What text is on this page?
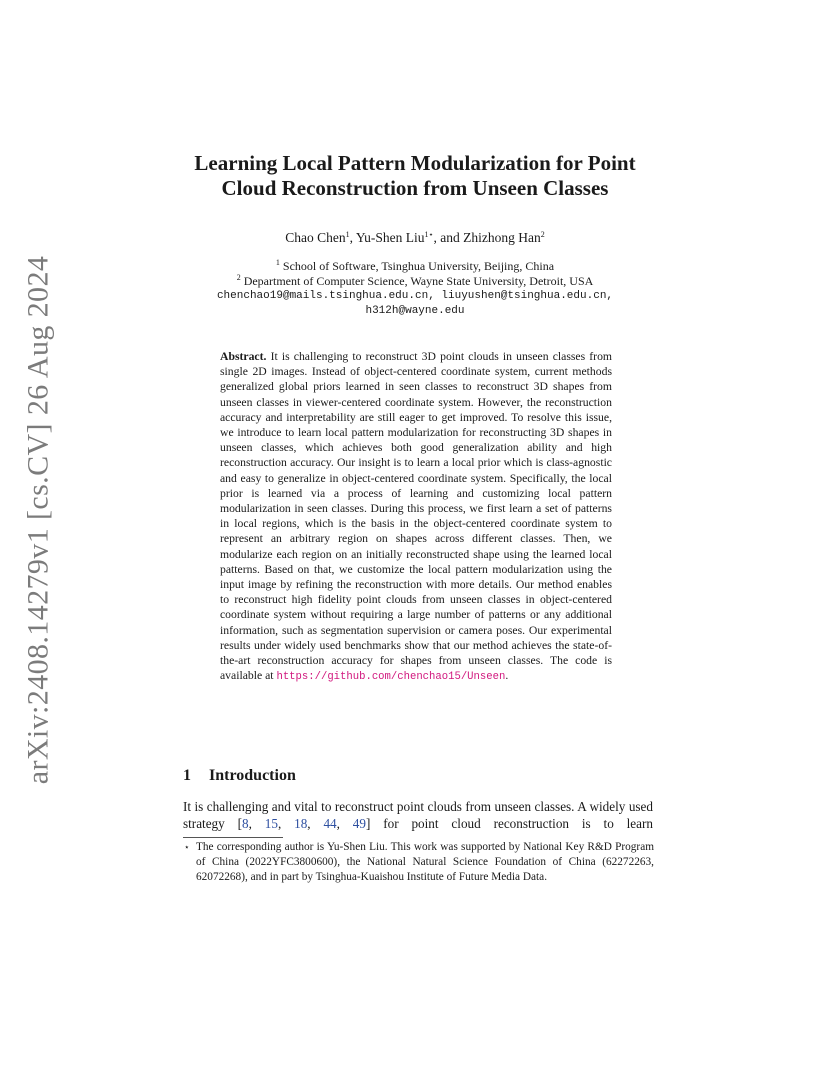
arXiv:2408.14279v1 [cs.CV] 26 Aug 2024
Learning Local Pattern Modularization for Point
Cloud Reconstruction from Unseen Classes
Chao Chen$^1$, Yu-Shen Liu$^{1⋆}$, and Zhizhong Han$^2$
$^1$ School of Software, Tsinghua University, Beijing, China
$^2$ Department of Computer Science, Wayne State University, Detroit, USA
chenchao19@mails.tsinghua.edu.cn, liuyushen@tsinghua.edu.cn,
h312h@wayne.edu
Abstract. It is challenging to reconstruct 3D point clouds in unseen classes from single 2D images. Instead of object-centered coordinate system, current methods generalized global priors learned in seen classes to reconstruct 3D shapes from unseen classes in viewer-centered coordinate system. However, the reconstruction accuracy and interpretability are still eager to get improved. To resolve this issue, we introduce to learn local pattern modularization for reconstructing 3D shapes in unseen classes, which achieves both good generalization ability and high reconstruction accuracy. Our insight is to learn a local prior which is class-agnostic and easy to generalize in object-centered coordinate system. Specifically, the local prior is learned via a process of learning and customizing local pattern modularization in seen classes. During this process, we first learn a set of patterns in local regions, which is the basis in the object-centered coordinate system to represent an arbitrary region on shapes across different classes. Then, we modularize each region on an initially reconstructed shape using the learned local patterns. Based on that, we customize the local pattern modularization using the input image by refining the reconstruction with more details. Our method enables to reconstruct high fidelity point clouds from unseen classes in object-centered coordinate system without requiring a large number of patterns or any additional information, such as segmentation supervision or camera poses. Our experimental results under widely used benchmarks show that our method achieves the state-of-the-art reconstruction accuracy for shapes from unseen classes. The code is available at https://github.com/chenchao15/Unseen.
1 Introduction
It is challenging and vital to reconstruct point clouds from unseen classes. A widely used strategy [8, 15, 18, 44, 49] for point cloud reconstruction is to learn
⋆ The corresponding author is Yu-Shen Liu. This work was supported by National Key R&D Program of China (2022YFC3800600), the National Natural Science Foundation of China (62272263, 62072268), and in part by Tsinghua-Kuaishou Institute of Future Media Data.
